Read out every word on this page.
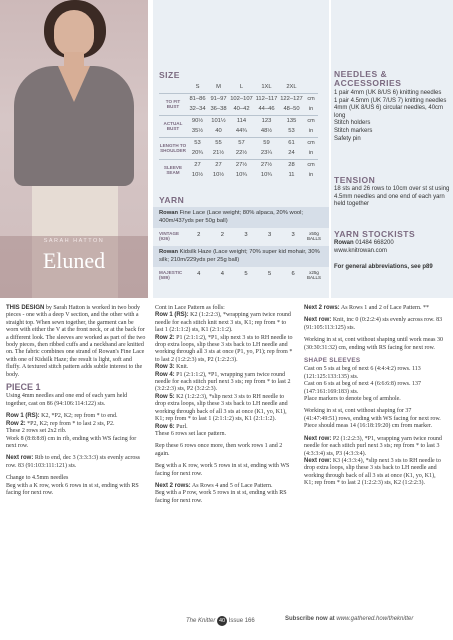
SARAH HATTON
Eluned
SIZE
	S	M	L	1XL	2XL	
TO FIT BUST	81–86	91–97	102–107	112–117	122–127	cm
	32–34	36–38	40–42	44–46	48–50	in
ACTUAL BUST	90½	101½	114	123	135	cm
	35½	40	44¾	48½	53	in
LENGTH TO SHOULDER	53	55	57	59	61	cm
	20¾	21½	22½	23¼	24	in
SLEEVE SEAM	27	27	27½	27½	28	cm
	10½	10½	10¾	10¾	11	in
YARN
Rowan Fine Lace (Lace weight; 80% alpaca, 20% wool; 400m/437yds per 50g ball)
VINTAGE (926)
2	2	3	3	3	x50g BALLS
Rowan Kidsilk Haze (Lace weight; 70% super kid mohair, 30% silk; 210m/229yds per 25g ball)
MAJESTIC (589)
4	4	5	5	6	x25g BALLS
NEEDLES & ACCESSORIES
1 pair 4mm (UK 8/US 6) knitting needles
1 pair 4.5mm (UK 7/US 7) knitting needles
4mm (UK 8/US 6) circular needles, 40cm long
Stitch holders
Stitch markers
Safety pin
TENSION
18 sts and 26 rows to 10cm over st st using 4.5mm needles and one end of each yarn held together
YARN STOCKISTS
Rowan 01484 668200
www.knitrowan.com
For general abbreviations, see p89

THIS DESIGN by Sarah Hatton is worked in two body pieces - one with a deep V section, and the other with a straight top. When sewn together, the garment can be worn with either the V at the front neck, or at the back for a different look. The sleeves are worked as part of the two body pieces, then ribbed cuffs and a neckband are knitted on. The fabric combines one strand of Rowan's Fine Lace with one of Kidsilk Haze; the result is light, soft and fluffy. A textured stitch pattern adds subtle interest to the body.

PIECE 1

Using 4mm needles and one end of each yarn held together, cast on 86 (94:106:114:122) sts.

Row 1 (RS): K2, *P2, K2; rep from * to end.

Row 2: *P2, K2; rep from * to last 2 sts, P2.

These 2 rows set 2x2 rib.

Work 8 (8:8:8:8) cm in rib, ending with WS facing for next row.

Next row: Rib to end, dec 3 (3:3:3:3) sts evenly across row. 83 (91:103:111:121) sts.

Change to 4.5mm needles

Beg with a K row, work 6 rows in st st, ending with RS facing for next row.

Cont in Lace Pattern as folls:

Row 1 (RS): K2 (1:2:2:3), *wrapping yarn twice round needle for each stitch knit next 3 sts, K1; rep from * to last 1 (2:1:1:2) sts, K1 (2:1:1:2).

Row 2: P1 (2:1:1:2), *P1, slip next 3 sts to RH needle to drop extra loops, slip these 3 sts back to LH needle and working through all 3 sts at once (P1, yo, P1); rep from * to last 2 (1:2:2:3) sts, P2 (1:2:2:3).

Row 3: Knit.

Row 4: P1 (2:1:1:2), *P1, wrapping yarn twice round needle for each stitch purl next 3 sts; rep from * to last 2 (3:2:2:3) sts, P2 (3:2:2:3).

Row 5: K2 (1:2:2:3), *slip next 3 sts to RH needle to drop extra loops, slip these 3 sts back to LH needle and working through back of all 3 sts at once (K1, yo, K1), K1; rep from * to last 1 (2:1:1:2) sts, K1 (2:1:1:2).

Row 6: Purl.

These 6 rows set lace pattern.

Rep these 6 rows once more, then work rows 1 and 2 again.

Beg with a K row, work 5 rows in st st, ending with WS facing for next row.

Next 2 rows: As Rows 4 and 5 of Lace Pattern.

Beg with a P row, work 5 rows in st st, ending with RS facing for next row.

Next 2 rows: As Rows 1 and 2 of Lace Pattern. **

Next row: Knit, inc 0 (0:2:2:4) sts evenly across row. 83 (91:105:113:125) sts.

Working in st st, cont without shaping until work meas 30 (30:30:31:32) cm, ending with RS facing for next row.

SHAPE SLEEVES

Cast on 5 sts at beg of next 6 (4:4:4:2) rows. 113 (121:125:133:135) sts.

Cast on 6 sts at beg of next 4 (6:6:6:8) rows. 137 (147:161:169:183) sts.

Place markers to denote beg of armhole.

Working in st st, cont without shaping for 37 (41:47:49:51) rows, ending with WS facing for next row.

Piece should meas 14 (16:18:19:20) cm from marker.

Next row: P2 (1:2:2:3), *P1, wrapping yarn twice round needle for each stitch purl next 3 sts; rep from * to last 3 (4:3:3:4) sts, P3 (4:3:3:4).

Next row: K3 (4:3:3:4), *slip next 3 sts to RH needle to drop extra loops, slip these 3 sts back to LH needle and working through back of all 3 sts at once (K1, yo, K1), K1; rep from * to last 2 (1:2:2:3) sts, K2 (1:2:2:3).

The Knitter 40 Issue 166	Subscribe now at www.gathered.how/theknitter
